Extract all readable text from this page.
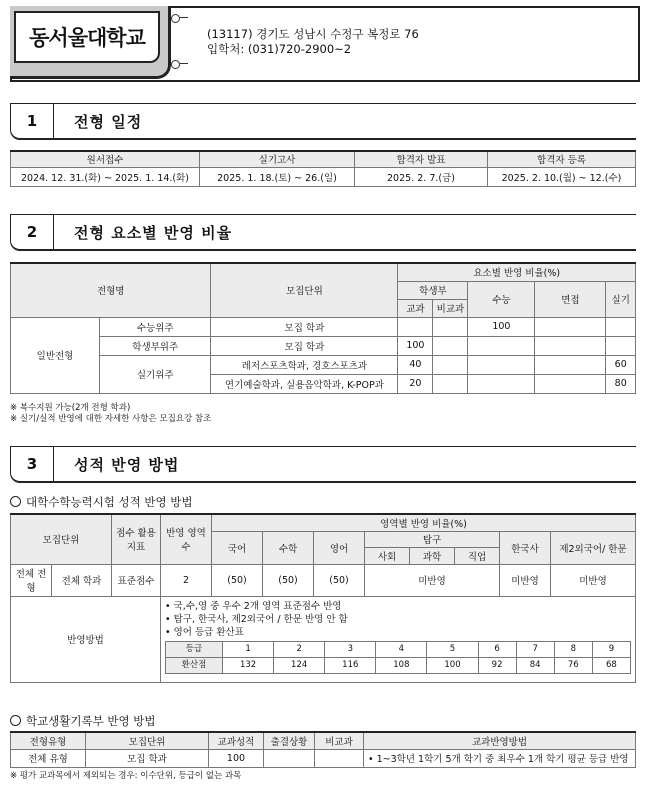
동서울대학교	(13117) 경기도 성남시 수정구 복정로 76
입학처: (031)720-2900~2
1	전형 일정
원서접수	실기고사	합격자 발표	합격자 등록
2024. 12. 31.(화) ~ 2025. 1. 14.(화)	2025. 1. 18.(토) ~ 26.(일)	2025. 2. 7.(금)	2025. 2. 10.(월) ~ 12.(수)
2	전형 요소별 반영 비율
전형명		모집단위	요소별 반영 비율(%)				
			학생부		수능	면접	실기
			교과	비교과			
일반전형	수능위주	모집 학과			100		
	학생부위주	모집 학과	100				
	실기위주	레저스포츠학과, 경호스포츠과	40				60
		연기예술학과, 실용음악학과, K-POP과	20				80
※ 복수지원 가능(2개 전형 학과)
※ 실기/실적 반영에 대한 자세한 사항은 모집요강 참조
3	성적 반영 방법
대학수학능력시험 성적 반영 방법
모집단위	점수 활용 지표	반영 영역수	영역별 반영 비율(%)
국어	수학	영어	탐구	한국사	제2외국어/ 한문
사회	과학	직업
전체 전형	전체 학과	표준점수	2	(50)	(50)	(50)	미반영	미반영	미반영
반영방법	
• 국,수,영 중 우수 2개 영역 표준점수 반영
• 탐구, 한국사, 제2외국어 / 한문 반영 안 함
• 영어 등급 환산표
등급	1	2	3	4	5	6	7	8	9
환산점	132	124	116	108	100	92	84	76	68
학교생활기록부 반영 방법
전형유형	모집단위	교과성적	출결상황	비교과	교과반영방법
전체 유형	모집 학과	100			• 1~3학년 1학기 5개 학기 중 최우수 1개 학기 평균 등급 반영
※ 평가 교과목에서 제외되는 경우: 이수단위, 등급이 없는 과목
